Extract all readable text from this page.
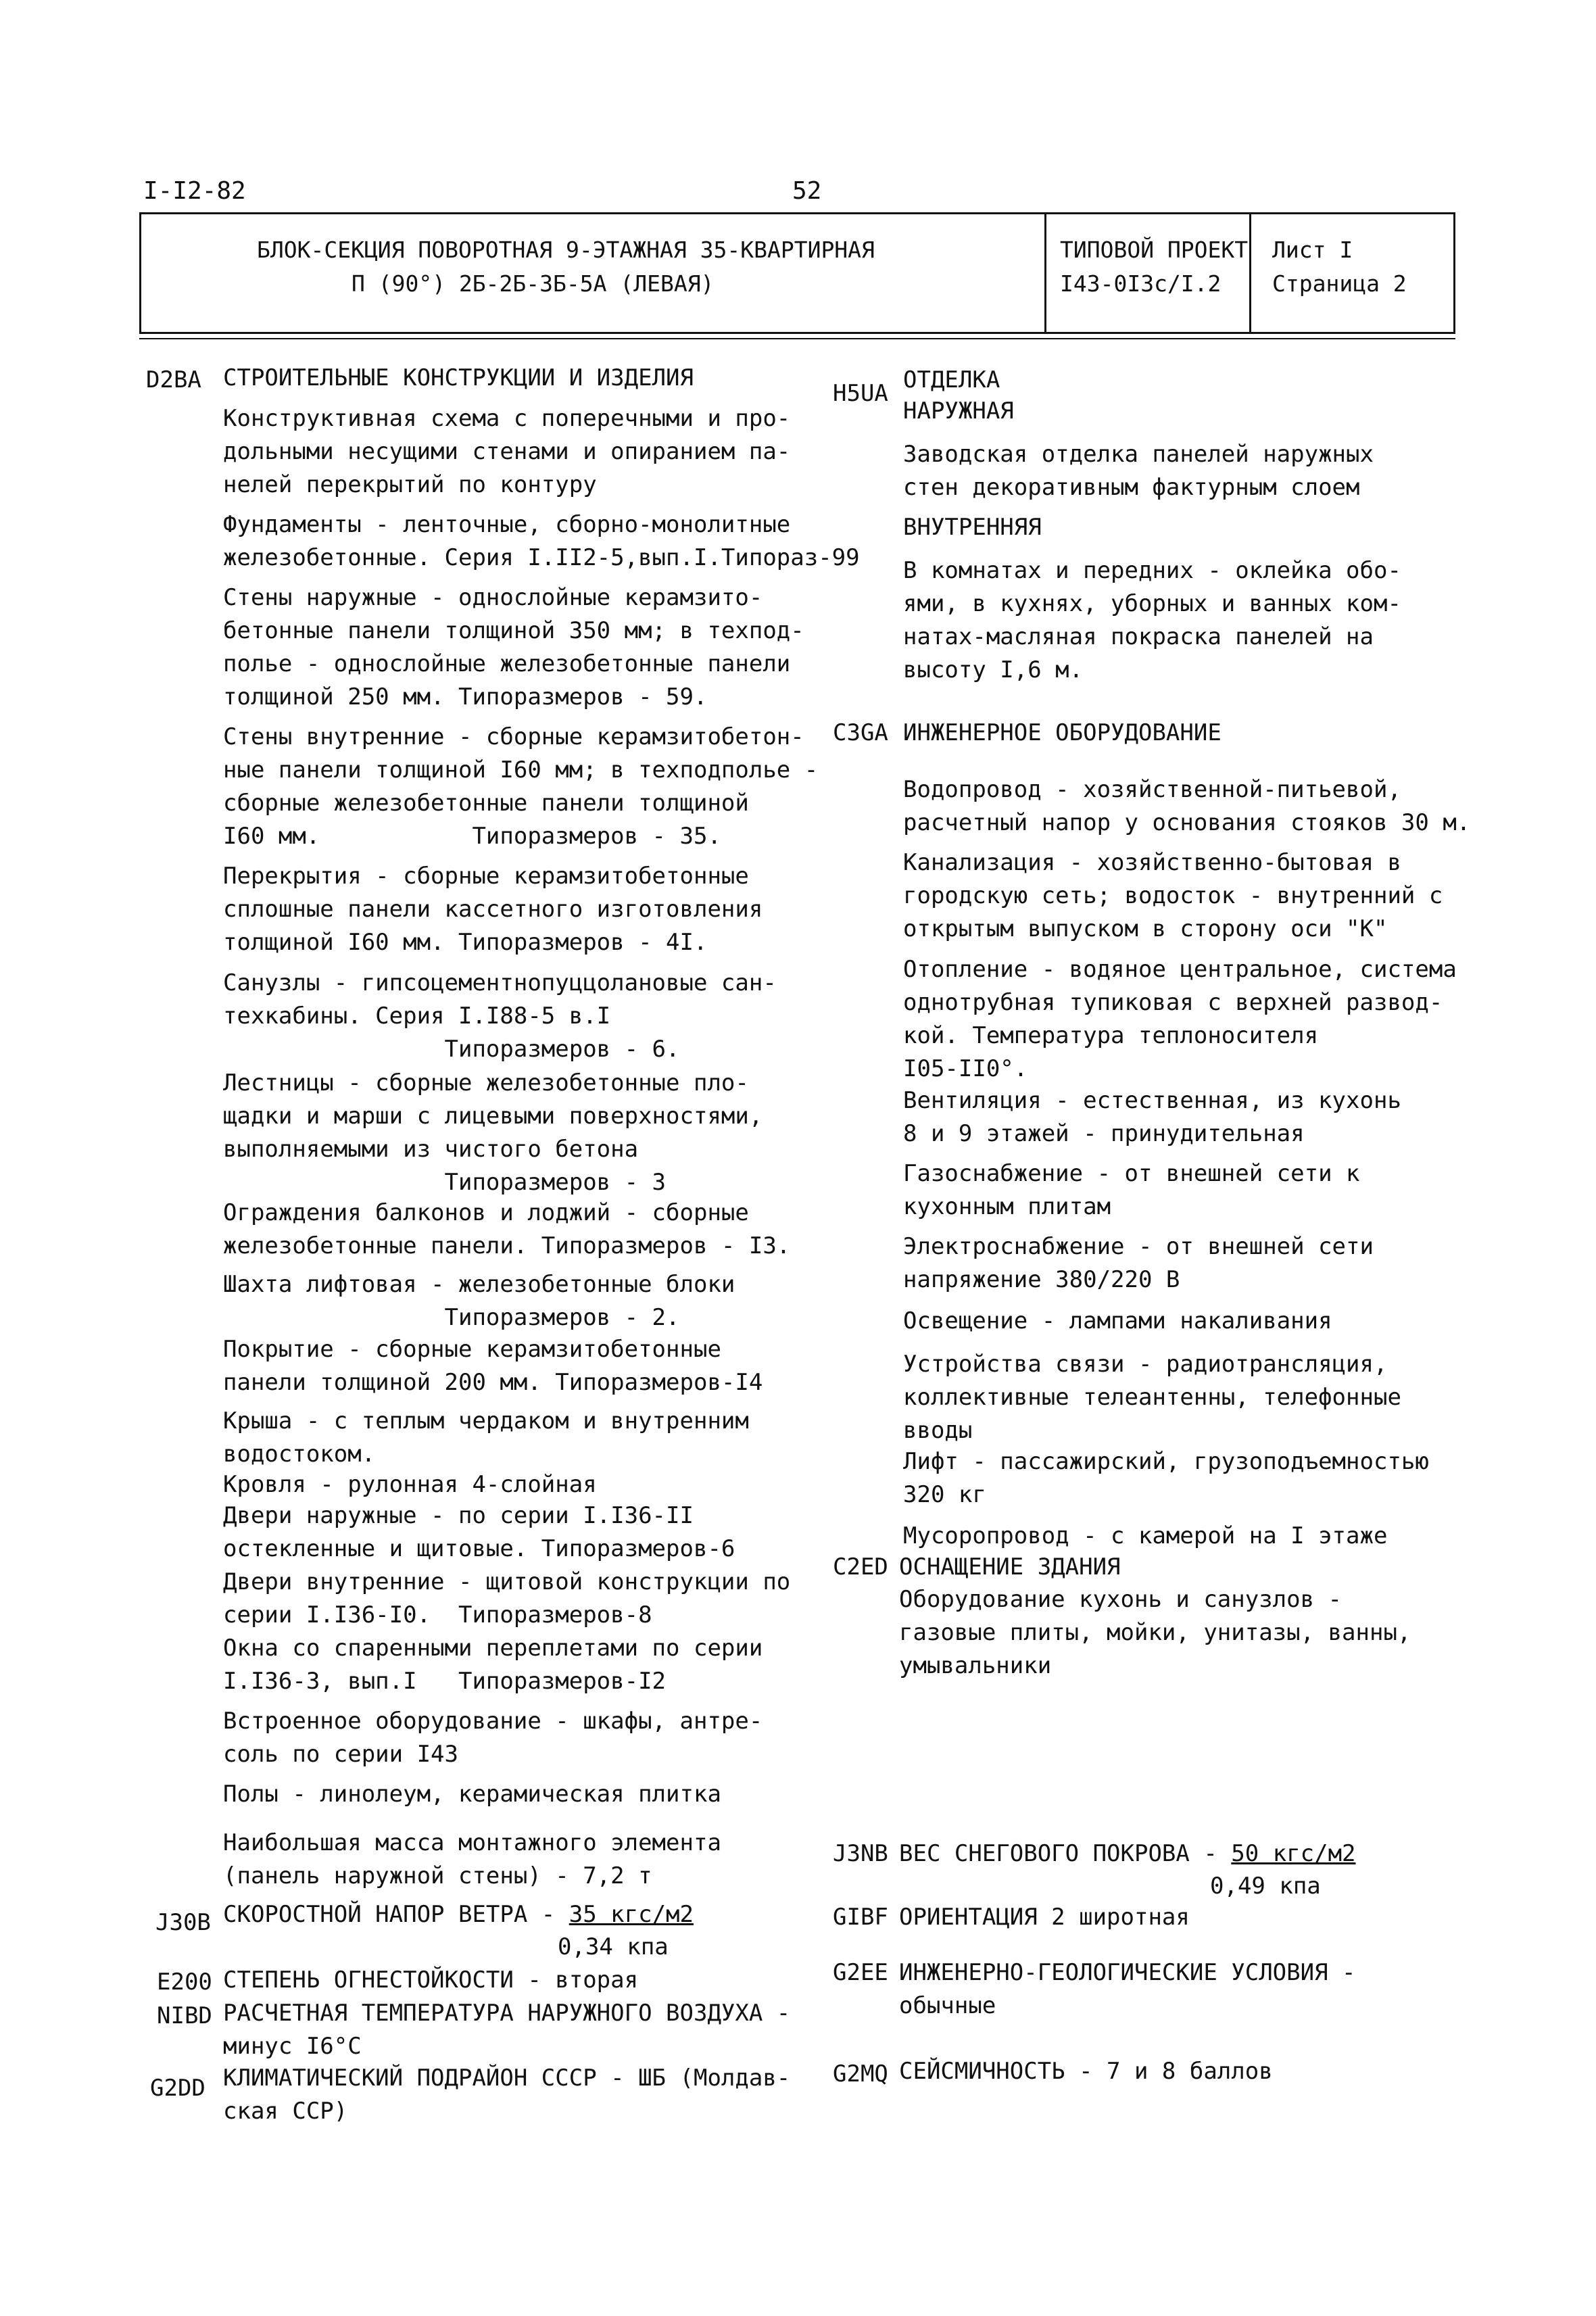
I-I2-82	52
БЛОК-СЕКЦИЯ ПОВОРОТНАЯ 9-ЭТАЖНАЯ 35-КВАРТИРНАЯ
П (90°) 2Б-2Б-3Б-5А (ЛЕВАЯ)
ТИПОВОЙ ПРОЕКТ
I43-0I3с/I.2
Лист I
Страница 2
D2BA СТРОИТЕЛЬНЫЕ КОНСТРУКЦИИ И ИЗДЕЛИЯ
Конструктивная схема с поперечными и про-
дольными несущими стенами и опиранием па-
нелей перекрытий по контуру
Фундаменты - ленточные, сборно-монолитные
железобетонные. Серия I.II2-5,вып.I.Типораз-99
Стены наружные - однослойные керамзито-
бетонные панели толщиной 350 мм; в техпод-
полье - однослойные железобетонные панели
толщиной 250 мм. Типоразмеров - 59.
Стены внутренние - сборные керамзитобетон-
ные панели толщиной I60 мм; в техподполье -
сборные железобетонные панели толщиной
I60 мм.           Типоразмеров - 35.
Перекрытия - сборные керамзитобетонные
сплошные панели кассетного изготовления
толщиной I60 мм. Типоразмеров - 4I.
Санузлы - гипсоцементнопуццолановые сан-
техкабины. Серия I.I88-5 в.I
Типоразмеров - 6.
Лестницы - сборные железобетонные пло-
щадки и марши с лицевыми поверхностями,
выполняемыми из чистого бетона
Типоразмеров - 3
Ограждения балконов и лоджий - сборные
железобетонные панели. Типоразмеров - I3.
Шахта лифтовая - железобетонные блоки
Типоразмеров - 2.
Покрытие - сборные керамзитобетонные
панели толщиной 200 мм. Типоразмеров-I4
Крыша - с теплым чердаком и внутренним
водостоком.
Кровля - рулонная 4-слойная
Двери наружные - по серии I.I36-II
остекленные и щитовые. Типоразмеров-6
Двери внутренние - щитовой конструкции по
серии I.I36-I0.  Типоразмеров-8
Окна со спаренными переплетами по серии
I.I36-3, вып.I   Типоразмеров-I2
Встроенное оборудование - шкафы, антре-
соль по серии I43
Полы - линолеум, керамическая плитка
Наибольшая масса монтажного элемента
(панель наружной стены) - 7,2 т
J30B СКОРОСТНОЙ НАПОР ВЕТРА - 35 кгс/м2
0,34 кпа
E200 СТЕПЕНЬ ОГНЕСТОЙКОСТИ - вторая
NIBD РАСЧЕТНАЯ ТЕМПЕРАТУРА НАРУЖНОГО ВОЗДУХА -
минус I6°С
G2DD КЛИМАТИЧЕСКИЙ ПОДРАЙОН СССР - ШБ (Молдав-
ская ССР)
H5UA ОТДЕЛКА
НАРУЖНАЯ
Заводская отделка панелей наружных
стен декоративным фактурным слоем
ВНУТРЕННЯЯ
В комнатах и передних - оклейка обо-
ями, в кухнях, уборных и ванных ком-
натах-масляная покраска панелей на
высоту I,6 м.
C3GA ИНЖЕНЕРНОЕ ОБОРУДОВАНИЕ
Водопровод - хозяйственной-питьевой,
расчетный напор у основания стояков 30 м.
Канализация - хозяйственно-бытовая в
городскую сеть; водосток - внутренний с
открытым выпуском в сторону оси "К"
Отопление - водяное центральное, система
однотрубная тупиковая с верхней развод-
кой. Температура теплоносителя
I05-II0°.
Вентиляция - естественная, из кухонь
8 и 9 этажей - принудительная
Газоснабжение - от внешней сети к
кухонным плитам
Электроснабжение - от внешней сети
напряжение 380/220 В
Освещение - лампами накаливания
Устройства связи - радиотрансляция,
коллективные телеантенны, телефонные
вводы
Лифт - пассажирский, грузоподъемностью
320 кг
Мусоропровод - с камерой на I этаже
C2ED ОСНАЩЕНИЕ ЗДАНИЯ
Оборудование кухонь и санузлов -
газовые плиты, мойки, унитазы, ванны,
умывальники
J3NB ВЕС СНЕГОВОГО ПОКРОВА - 50 кгс/м2
0,49 кпа
GIBF ОРИЕНТАЦИЯ 2 широтная
G2EE ИНЖЕНЕРНО-ГЕОЛОГИЧЕСКИЕ УСЛОВИЯ -
обычные
G2MQ СЕЙСМИЧНОСТЬ - 7 и 8 баллов
